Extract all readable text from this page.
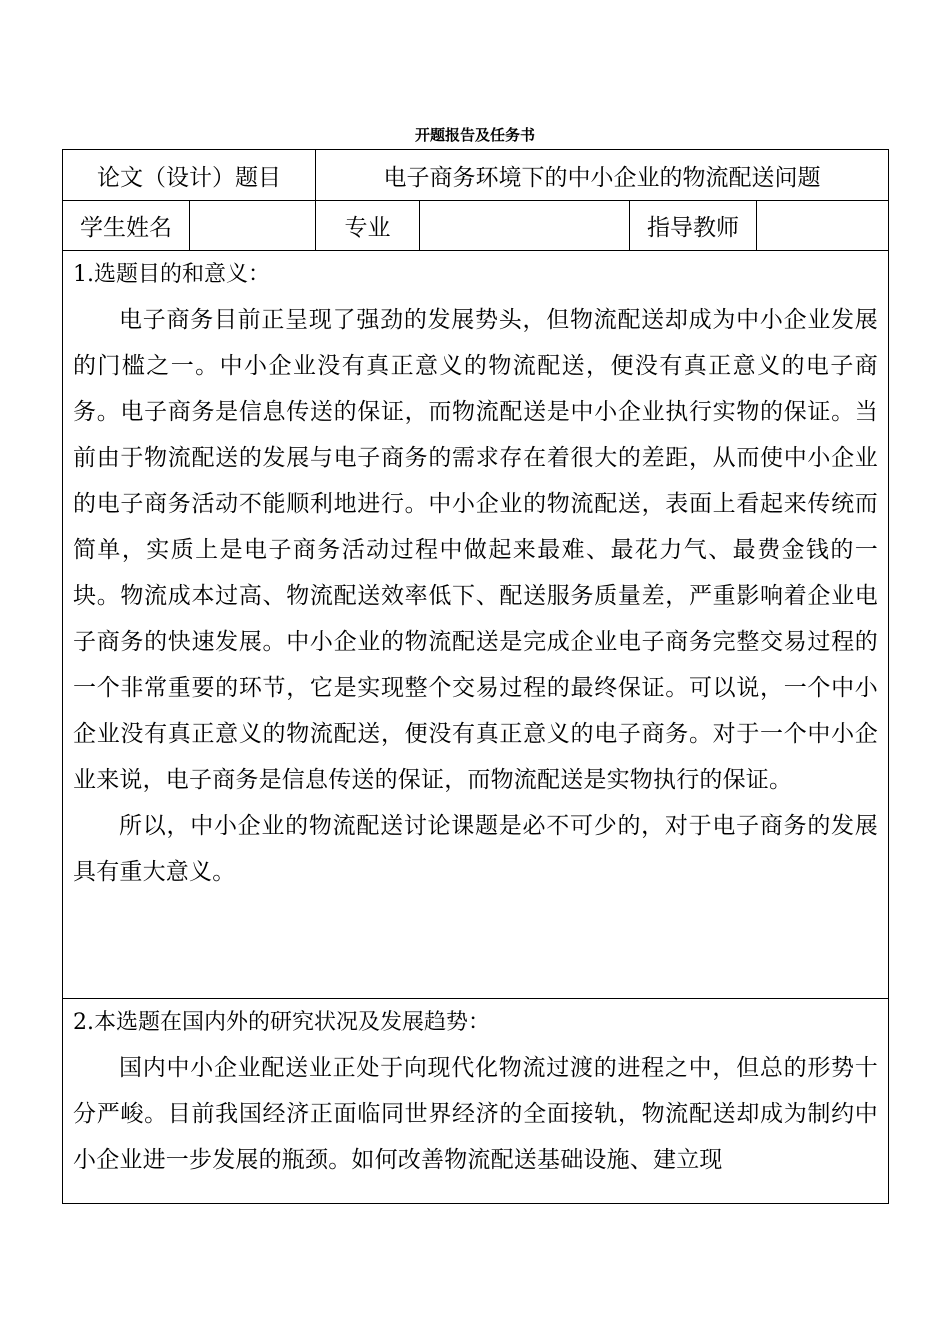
开题报告及任务书
论文（设计）题目		电子商务环境下的中小企业的物流配送问题			
学生姓名		专业		指导教师	

1.选题目的和意义：

电子商务目前正呈现了强劲的发展势头，但物流配送却成为中小企业发展的门槛之一。中小企业没有真正意义的物流配送，便没有真正意义的电子商务。电子商务是信息传送的保证，而物流配送是中小企业执行实物的保证。当前由于物流配送的发展与电子商务的需求存在着很大的差距，从而使中小企业的电子商务活动不能顺利地进行。中小企业的物流配送，表面上看起来传统而简单，实质上是电子商务活动过程中做起来最难、最花力气、最费金钱的一块。物流成本过高、物流配送效率低下、配送服务质量差，严重影响着企业电子商务的快速发展。中小企业的物流配送是完成企业电子商务完整交易过程的一个非常重要的环节，它是实现整个交易过程的最终保证。可以说，一个中小企业没有真正意义的物流配送，便没有真正意义的电子商务。对于一个中小企业来说，电子商务是信息传送的保证，而物流配送是实物执行的保证。

所以，中小企业的物流配送讨论课题是必不可少的，对于电子商务的发展具有重大意义。					

2.本选题在国内外的研究状况及发展趋势：

国内中小企业配送业正处于向现代化物流过渡的进程之中，但总的形势十分严峻。目前我国经济正面临同世界经济的全面接轨，物流配送却成为制约中小企业进一步发展的瓶颈。如何改善物流配送基础设施、建立现					
